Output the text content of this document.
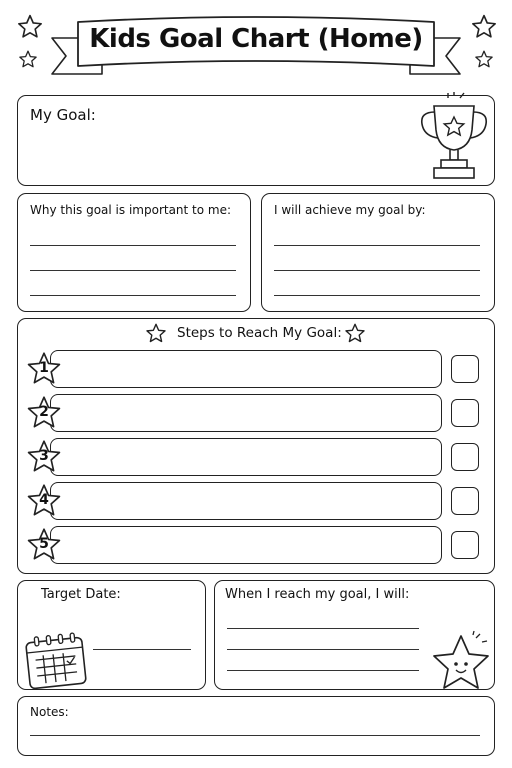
Kids Goal Chart (Home)
My Goal:
Why this goal is important to me:	I will achieve my goal by:
Steps to Reach My Goal:
1
2
3
4
5
Target Date:	When I reach my goal, I will:
Notes:
